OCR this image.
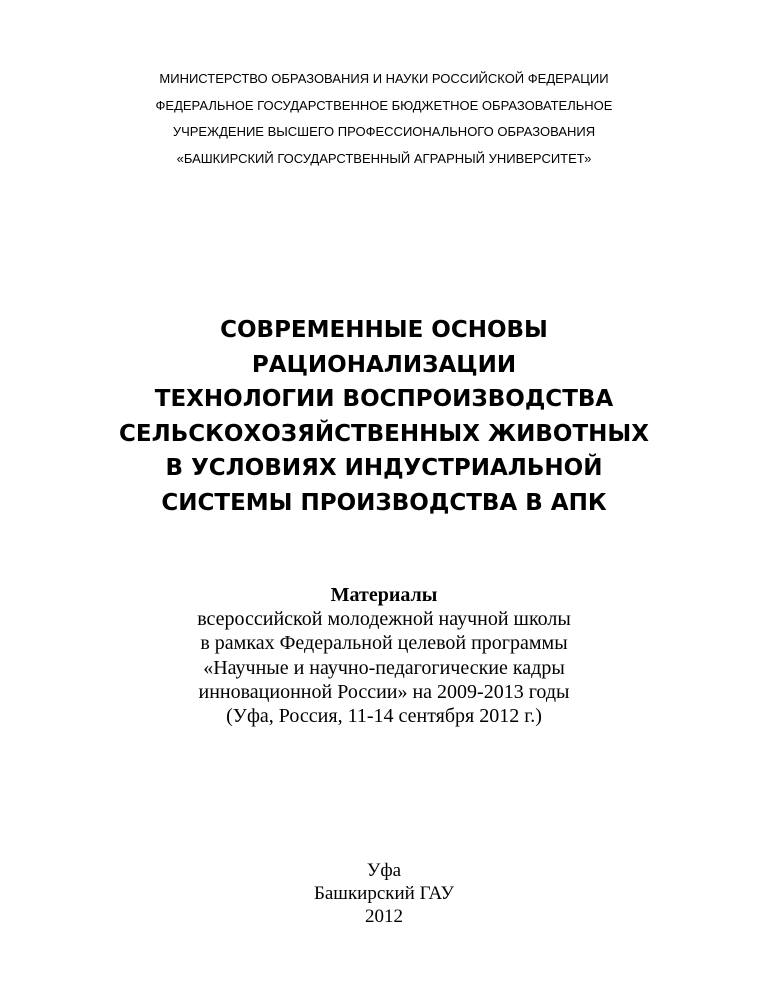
МИНИСТЕРСТВО ОБРАЗОВАНИЯ И НАУКИ РОССИЙСКОЙ ФЕДЕРАЦИИ
ФЕДЕРАЛЬНОЕ ГОСУДАРСТВЕННОЕ БЮДЖЕТНОЕ ОБРАЗОВАТЕЛЬНОЕ
УЧРЕЖДЕНИЕ ВЫСШЕГО ПРОФЕССИОНАЛЬНОГО ОБРАЗОВАНИЯ
«БАШКИРСКИЙ ГОСУДАРСТВЕННЫЙ АГРАРНЫЙ УНИВЕРСИТЕТ»
СОВРЕМЕННЫЕ ОСНОВЫ
РАЦИОНАЛИЗАЦИИ
ТЕХНОЛОГИИ ВОСПРОИЗВОДСТВА
СЕЛЬСКОХОЗЯЙСТВЕННЫХ ЖИВОТНЫХ
В УСЛОВИЯХ ИНДУСТРИАЛЬНОЙ
СИСТЕМЫ ПРОИЗВОДСТВА В АПК
Материалы
всероссийской молодежной научной школы
в рамках Федеральной целевой программы
«Научные и научно-педагогические кадры
инновационной России» на 2009-2013 годы
(Уфа, Россия, 11-14 сентября 2012 г.)
Уфа
Башкирский ГАУ
2012
